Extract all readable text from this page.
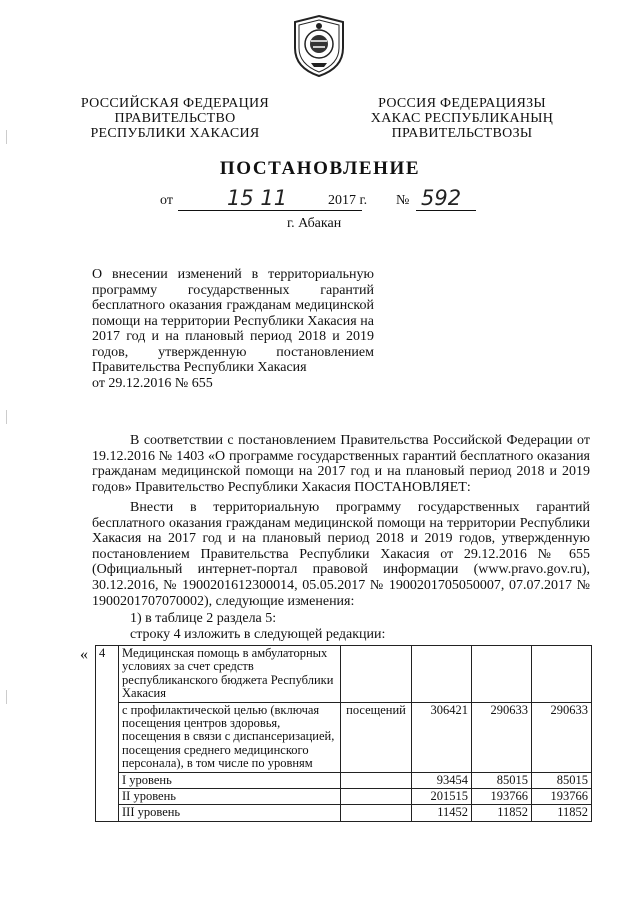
РОССИЙСКАЯ ФЕДЕРАЦИЯ
ПРАВИТЕЛЬСТВО
РЕСПУБЛИКИ ХАКАСИЯ
РОССИЯ ФЕДЕРАЦИЯЗЫ
ХАКАС РЕСПУБЛИКАНЫҢ
ПРАВИТЕЛЬСТВОЗЫ
ПОСТАНОВЛЕНИЕ
от	15 11	2017 г. № 592
г. Абакан
О внесении изменений в территориальную программу государственных гарантий бесплатного оказания гражданам медицинской помощи на территории Республики Хакасия на 2017 год и на плановый период 2018 и 2019 годов, утвержденную постановлением Правительства Республики Хакасия
от 29.12.2016 № 655
В соответствии с постановлением Правительства Российской Федерации от 19.12.2016 № 1403 «О программе государственных гарантий бесплатного оказания гражданам медицинской помощи на 2017 год и на плановый период 2018 и 2019 годов» Правительство Республики Хакасия ПОСТАНОВЛЯЕТ:
Внести в территориальную программу государственных гарантий бесплатного оказания гражданам медицинской помощи на территории Республики Хакасия на 2017 год и на плановый период 2018 и 2019 годов, утвержденную постановлением Правительства Республики Хакасия от 29.12.2016 № 655 (Официальный интернет-портал правовой информации (www.pravo.gov.ru), 30.12.2016, № 1900201612300014, 05.05.2017 № 1900201705050007, 07.07.2017 № 1900201707070002), следующие изменения:
1) в таблице 2 раздела 5:
строку 4 изложить в следующей редакции:
« 4	Медицинская помощь в амбулаторных условиях за счет средств республиканского бюджета Республики Хакасия				
	с профилактической целью (включая посещения центров здоровья, посещения в связи с диспансеризацией, посещения среднего медицинского персонала), в том числе по уровням	посещений	306421	290633	290633
	I уровень		93454	85015	85015
	II уровень		201515	193766	193766
	III уровень		11452	11852	11852
